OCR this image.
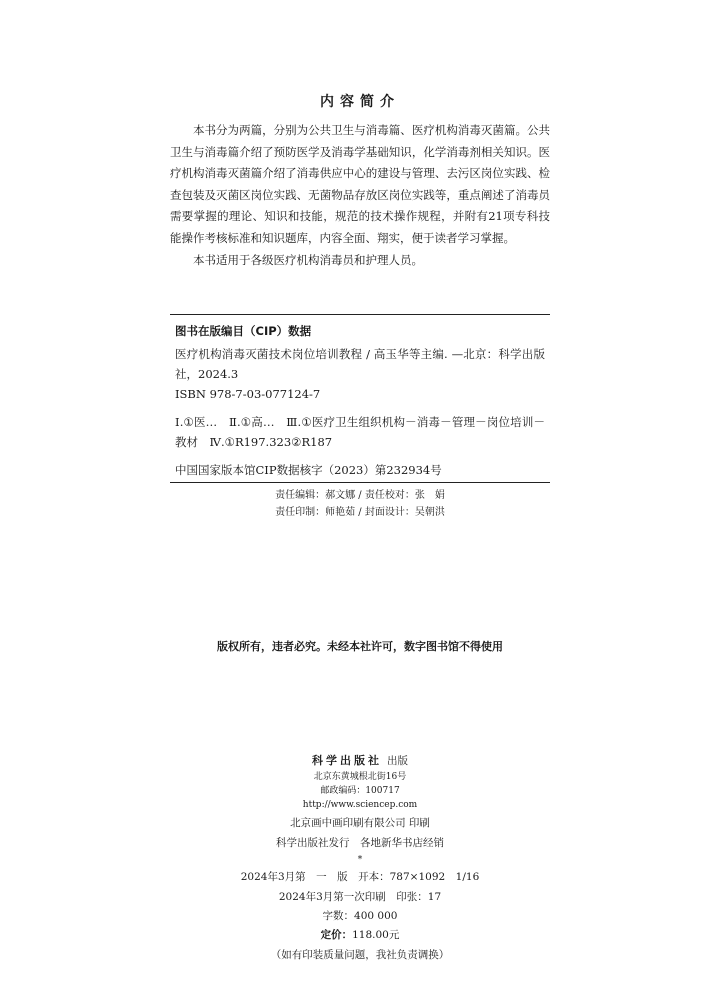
内容简介

本书分为两篇，分别为公共卫生与消毒篇、医疗机构消毒灭菌篇。公共卫生与消毒篇介绍了预防医学及消毒学基础知识，化学消毒剂相关知识。医疗机构消毒灭菌篇介绍了消毒供应中心的建设与管理、去污区岗位实践、检查包装及灭菌区岗位实践、无菌物品存放区岗位实践等，重点阐述了消毒员需要掌握的理论、知识和技能，规范的技术操作规程，并附有21项专科技能操作考核标准和知识题库，内容全面、翔实，便于读者学习掌握。

本书适用于各级医疗机构消毒员和护理人员。

图书在版编目（CIP）数据
医疗机构消毒灭菌技术岗位培训教程 / 高玉华等主编. —北京：科学出版社，2024.3
ISBN 978-7-03-077124-7
Ⅰ.①医…　Ⅱ.①高…　Ⅲ.①医疗卫生组织机构－消毒－管理－岗位培训－教材　Ⅳ.①R197.323②R187
中国国家版本馆CIP数据核字（2023）第232934号
责任编辑：郝文娜 / 责任校对：张　娟
责任印制：师艳茹 / 封面设计：吴朝洪
版权所有，违者必究。未经本社许可，数字图书馆不得使用
科学出版社 出版
北京东黄城根北街16号
邮政编码：100717
http://www.sciencep.com
北京画中画印刷有限公司 印刷
科学出版社发行　各地新华书店经销
*
2024年3月第　一　版　开本：787×1092　1/16
2024年3月第一次印刷　印张：17
字数：400 000
定价：118.00元
（如有印装质量问题，我社负责调换）
